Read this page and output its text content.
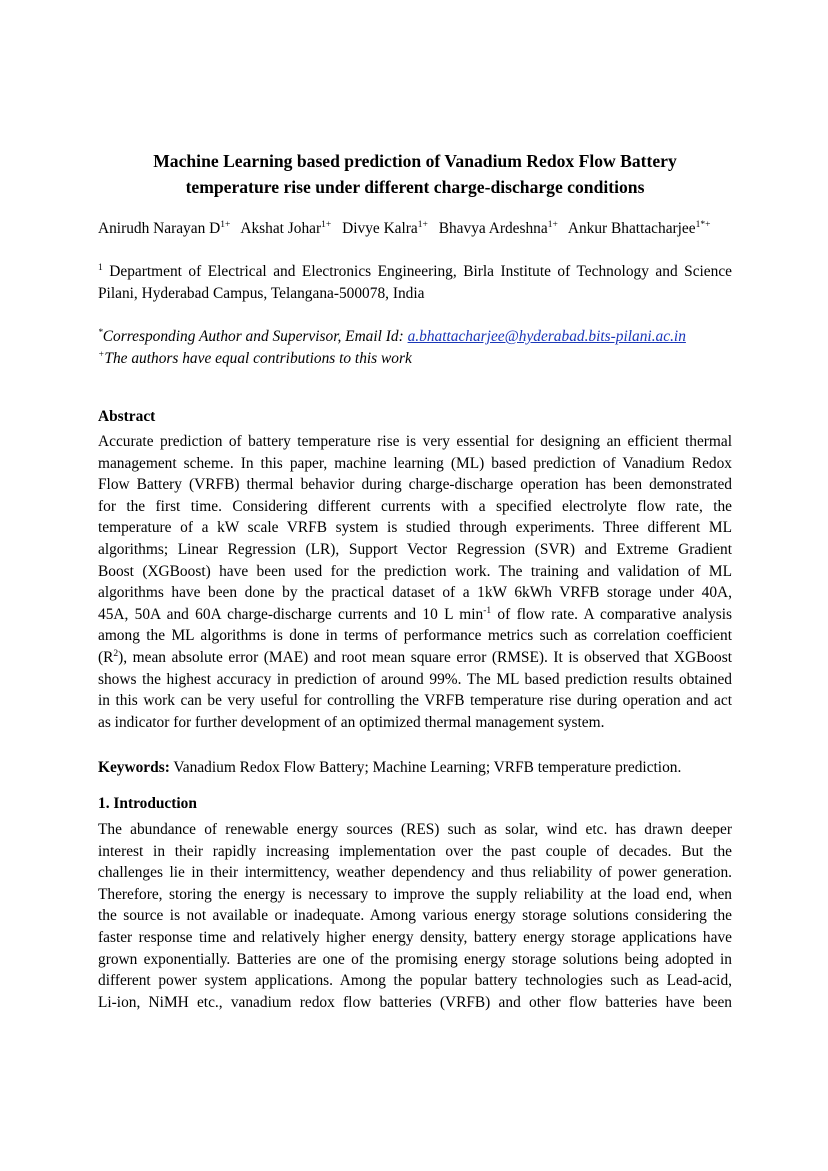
Machine Learning based prediction of Vanadium Redox Flow Battery
temperature rise under different charge-discharge conditions
Anirudh Narayan $D^{1+}$ Akshat Johar$^{1+}$ Divye Kalra$^{1+}$ Bhavya Ardeshna$^{1+}$ Ankur Bhattacharjee$^{1*+}$
$^1$ Department of Electrical and Electronics Engineering, Birla Institute of Technology and Science
Pilani, Hyderabad Campus, Telangana-500078, India
*Corresponding Author and Supervisor, Email Id: a.bhattacharjee@hyderabad.bits-pilani.ac.in
+The authors have equal contributions to this work
Abstract
Accurate prediction of battery temperature rise is very essential for designing an efficient thermal
management scheme. In this paper, machine learning (ML) based prediction of Vanadium Redox
Flow Battery (VRFB) thermal behavior during charge-discharge operation has been demonstrated
for the first time. Considering different currents with a specified electrolyte flow rate, the
temperature of a kW scale VRFB system is studied through experiments. Three different ML
algorithms; Linear Regression (LR), Support Vector Regression (SVR) and Extreme Gradient
Boost (XGBoost) have been used for the prediction work. The training and validation of ML
algorithms have been done by the practical dataset of a 1kW 6kWh VRFB storage under 40A,
45A, 50A and 60A charge-discharge currents and 10 L $\min^{-1}$ of flow rate. A comparative analysis
among the ML algorithms is done in terms of performance metrics such as correlation coefficient
$(R^2)$, mean absolute error (MAE) and root mean square error (RMSE). It is observed that XGBoost
shows the highest accuracy in prediction of around 99%. The ML based prediction results obtained
in this work can be very useful for controlling the VRFB temperature rise during operation and act
as indicator for further development of an optimized thermal management system.
Keywords: Vanadium Redox Flow Battery; Machine Learning; VRFB temperature prediction.
1. Introduction
The abundance of renewable energy sources (RES) such as solar, wind etc. has drawn deeper
interest in their rapidly increasing implementation over the past couple of decades. But the
challenges lie in their intermittency, weather dependency and thus reliability of power generation.
Therefore, storing the energy is necessary to improve the supply reliability at the load end, when
the source is not available or inadequate. Among various energy storage solutions considering the
faster response time and relatively higher energy density, battery energy storage applications have
grown exponentially. Batteries are one of the promising energy storage solutions being adopted in
different power system applications. Among the popular battery technologies such as Lead-acid,
Li-ion, NiMH etc., vanadium redox flow batteries (VRFB) and other flow batteries have been
